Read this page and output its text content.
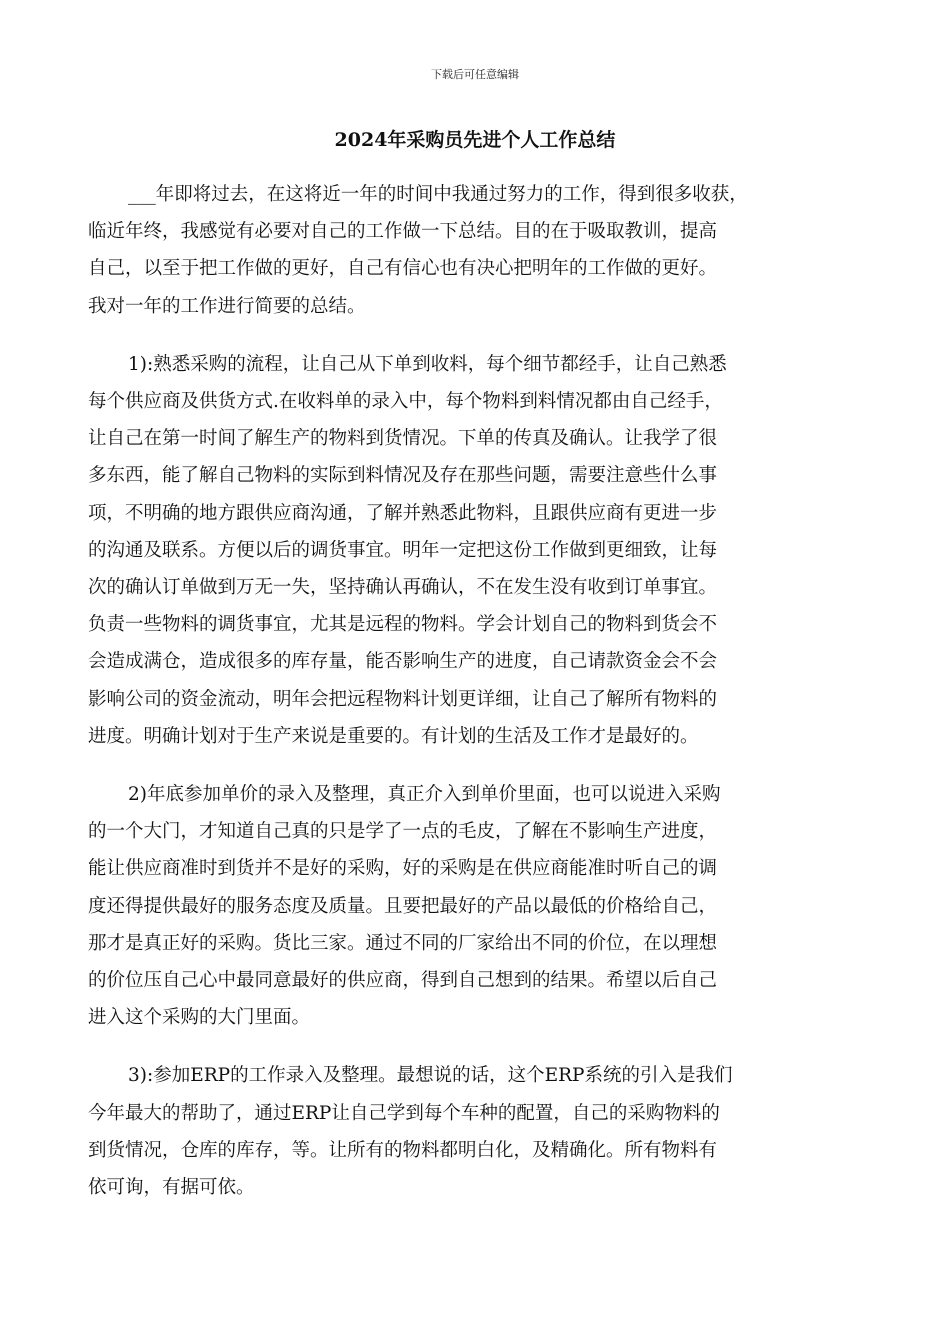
下载后可任意编辑
2024年采购员先进个人工作总结

___年即将过去，在这将近一年的时间中我通过努力的工作，得到很多收获，
临近年终，我感觉有必要对自己的工作做一下总结。目的在于吸取教训，提高
自己，以至于把工作做的更好，自己有信心也有决心把明年的工作做的更好。
我对一年的工作进行简要的总结。

1):熟悉采购的流程，让自己从下单到收料，每个细节都经手，让自己熟悉
每个供应商及供货方式.在收料单的录入中，每个物料到料情况都由自己经手，
让自己在第一时间了解生产的物料到货情况。下单的传真及确认。让我学了很
多东西，能了解自己物料的实际到料情况及存在那些问题，需要注意些什么事
项，不明确的地方跟供应商沟通，了解并熟悉此物料，且跟供应商有更进一步
的沟通及联系。方便以后的调货事宜。明年一定把这份工作做到更细致，让每
次的确认订单做到万无一失，坚持确认再确认，不在发生没有收到订单事宜。
负责一些物料的调货事宜，尤其是远程的物料。学会计划自己的物料到货会不
会造成满仓，造成很多的库存量，能否影响生产的进度，自己请款资金会不会
影响公司的资金流动，明年会把远程物料计划更详细，让自己了解所有物料的
进度。明确计划对于生产来说是重要的。有计划的生活及工作才是最好的。

2)年底参加单价的录入及整理，真正介入到单价里面，也可以说进入采购
的一个大门，才知道自己真的只是学了一点的毛皮，了解在不影响生产进度，
能让供应商准时到货并不是好的采购，好的采购是在供应商能准时听自己的调
度还得提供最好的服务态度及质量。且要把最好的产品以最低的价格给自己，
那才是真正好的采购。货比三家。通过不同的厂家给出不同的价位，在以理想
的价位压自己心中最同意最好的供应商，得到自己想到的结果。希望以后自己
进入这个采购的大门里面。

3):参加ERP的工作录入及整理。最想说的话，这个ERP系统的引入是我们
今年最大的帮助了，通过ERP让自己学到每个车种的配置，自己的采购物料的
到货情况，仓库的库存，等。让所有的物料都明白化，及精确化。所有物料有
依可询，有据可依。
